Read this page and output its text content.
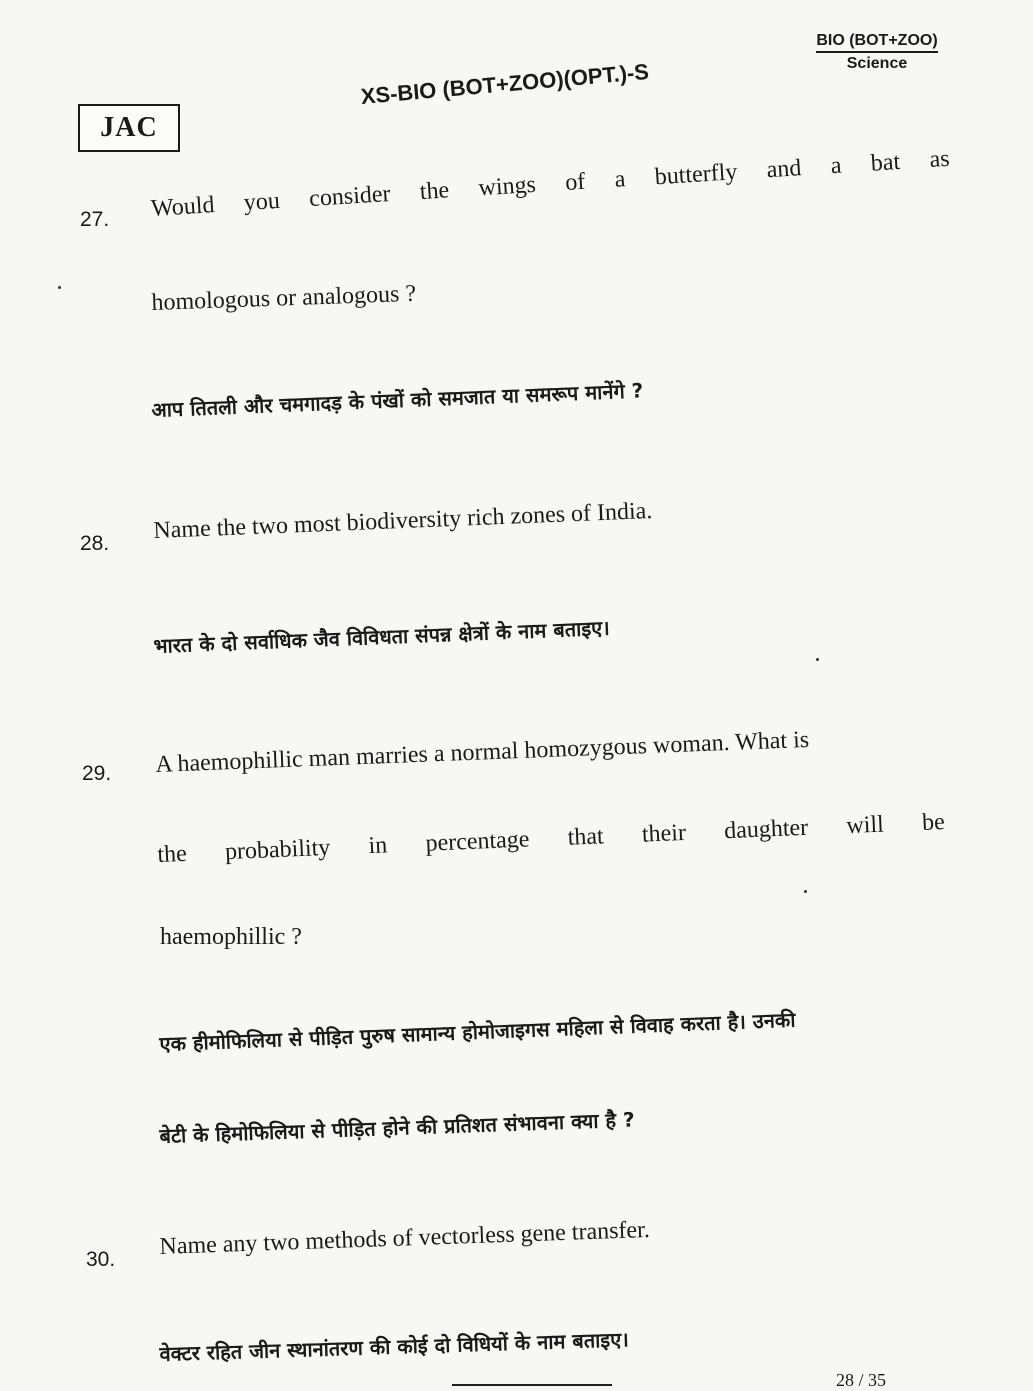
JAC
XS-BIO (BOT+ZOO)(OPT.)-S
BIO (BOT+ZOO)
Science
27. Would you consider the wings of a butterfly and a bat as
homologous or analogous ?
आप तितली और चमगादड़ के पंखों को समजात या समरूप मानेंगे ?
28. Name the two most biodiversity rich zones of India.
भारत के दो सर्वाधिक जैव विविधता संपन्न क्षेत्रों के नाम बताइए।
29. A haemophillic man marries a normal homozygous woman. What is
the probability in percentage that their daughter will be
haemophillic ?
एक हीमोफिलिया से पीड़ित पुरुष सामान्य होमोजाइगस महिला से विवाह करता है। उनकी
बेटी के हिमोफिलिया से पीड़ित होने की प्रतिशत संभावना क्या है ?
30. Name any two methods of vectorless gene transfer.
वेक्टर रहित जीन स्थानांतरण की कोई दो विधियों के नाम बताइए।
28 / 35
